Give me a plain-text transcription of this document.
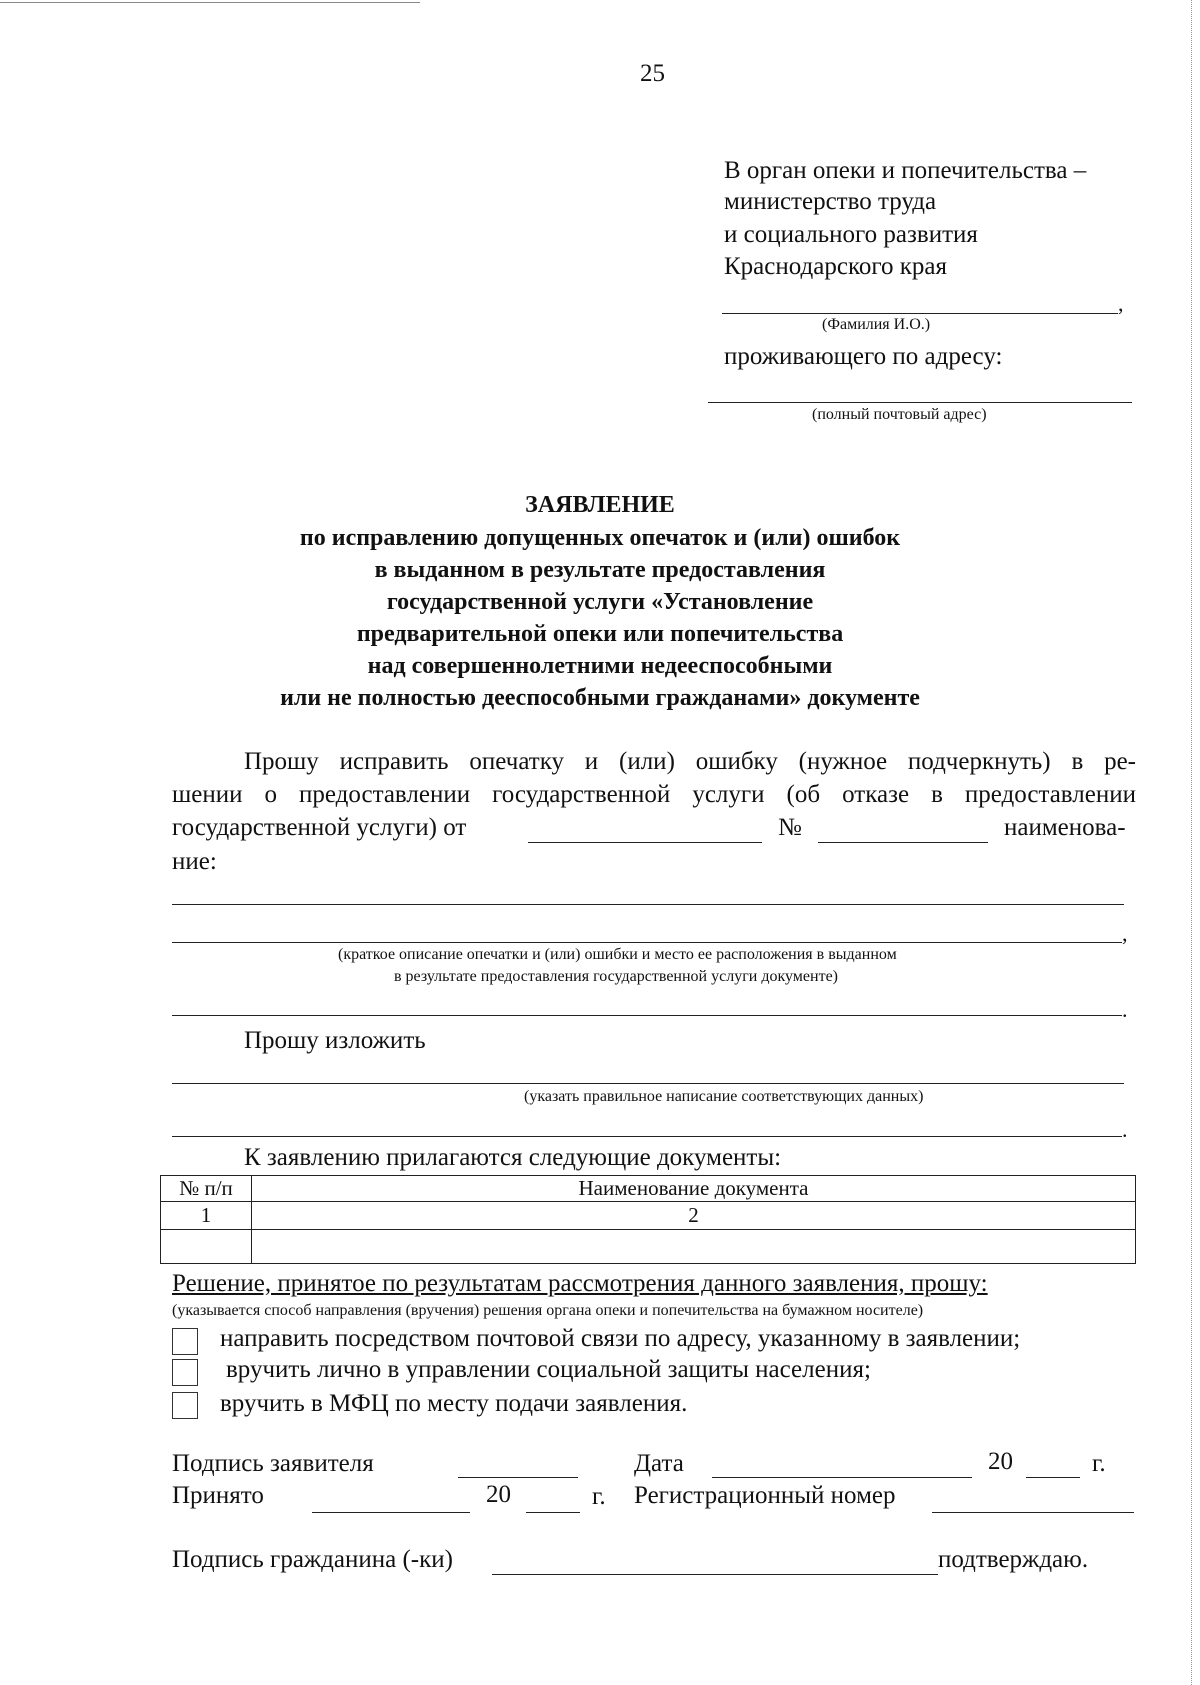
25
В орган опеки и попечительства –
министерство труда
и социального развития
Краснодарского края
,
(Фамилия И.О.)
проживающего по адресу:
(полный почтовый адрес)
ЗАЯВЛЕНИЕ
по исправлению допущенных опечаток и (или) ошибок
в выданном в результате предоставления
государственной услуги «Установление
предварительной опеки или попечительства
над совершеннолетними недееспособными
или не полностью дееспособными гражданами» документе
Прошу исправить опечатку и (или) ошибку (нужное подчеркнуть) в ре-
шении о предоставлении государственной услуги (об отказе в предоставлении
государственной услуги) от	№	наименова-
ние:
,
(краткое описание опечатки и (или) ошибки и место ее расположения в выданном
в результате предоставления государственной услуги документе)
.
Прошу изложить
(указать правильное написание соответствующих данных)
.
К заявлению прилагаются следующие документы:
№ п/п	Наименование документа
1	2

Решение, принятое по результатам рассмотрения данного заявления, прошу:
(указывается способ направления (вручения) решения органа опеки и попечительства на бумажном носителе)
направить посредством почтовой связи по адресу, указанному в заявлении;
вручить лично в управлении социальной защиты населения;
вручить в МФЦ по месту подачи заявления.
Подпись заявителя	Дата	20	г.
Принято	20	г. Регистрационный номер
Подпись гражданина (-ки)	подтверждаю.
